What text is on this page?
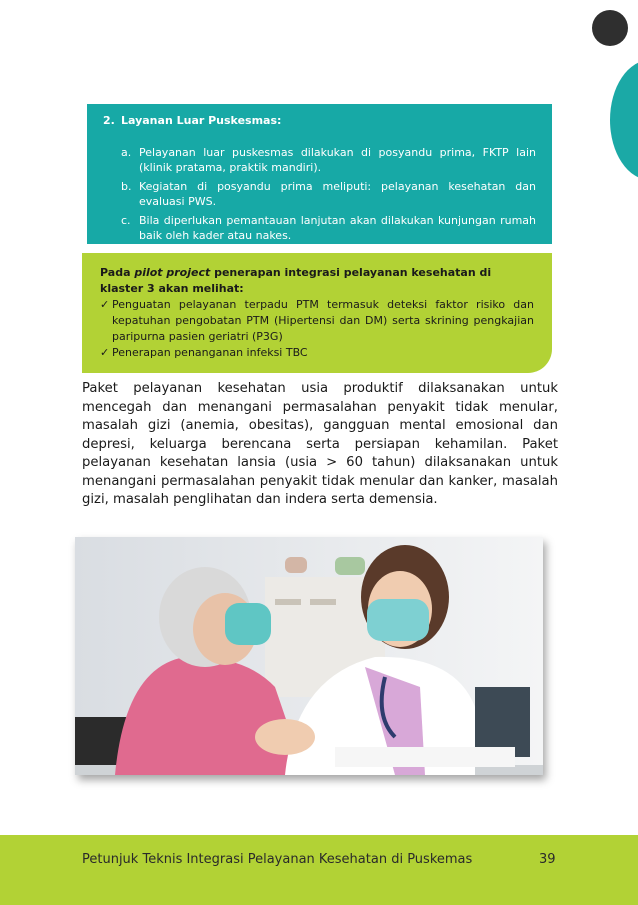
2. Layanan Luar Puskesmas:
a. Pelayanan luar puskesmas dilakukan di posyandu prima, FKTP lain (klinik pratama, praktik mandiri).
b. Kegiatan di posyandu prima meliputi: pelayanan kesehatan dan evaluasi PWS.
c. Bila diperlukan pemantauan lanjutan akan dilakukan kunjungan rumah baik oleh kader atau nakes.
Pada pilot project penerapan integrasi pelayanan kesehatan di klaster 3 akan melihat:
✓ Penguatan pelayanan terpadu PTM termasuk deteksi faktor risiko dan kepatuhan pengobatan PTM (Hipertensi dan DM) serta skrining pengkajian paripurna pasien geriatri (P3G)
✓ Penerapan penanganan infeksi TBC
Paket pelayanan kesehatan usia produktif dilaksanakan untuk mencegah dan menangani permasalahan penyakit tidak menular, masalah gizi (anemia, obesitas), gangguan mental emosional dan depresi, keluarga berencana serta persiapan kehamilan. Paket pelayanan kesehatan lansia (usia > 60 tahun) dilaksanakan untuk menangani permasalahan penyakit tidak menular dan kanker, masalah gizi, masalah penglihatan dan indera serta demensia.
Petunjuk Teknis Integrasi Pelayanan Kesehatan di Puskemas	39
